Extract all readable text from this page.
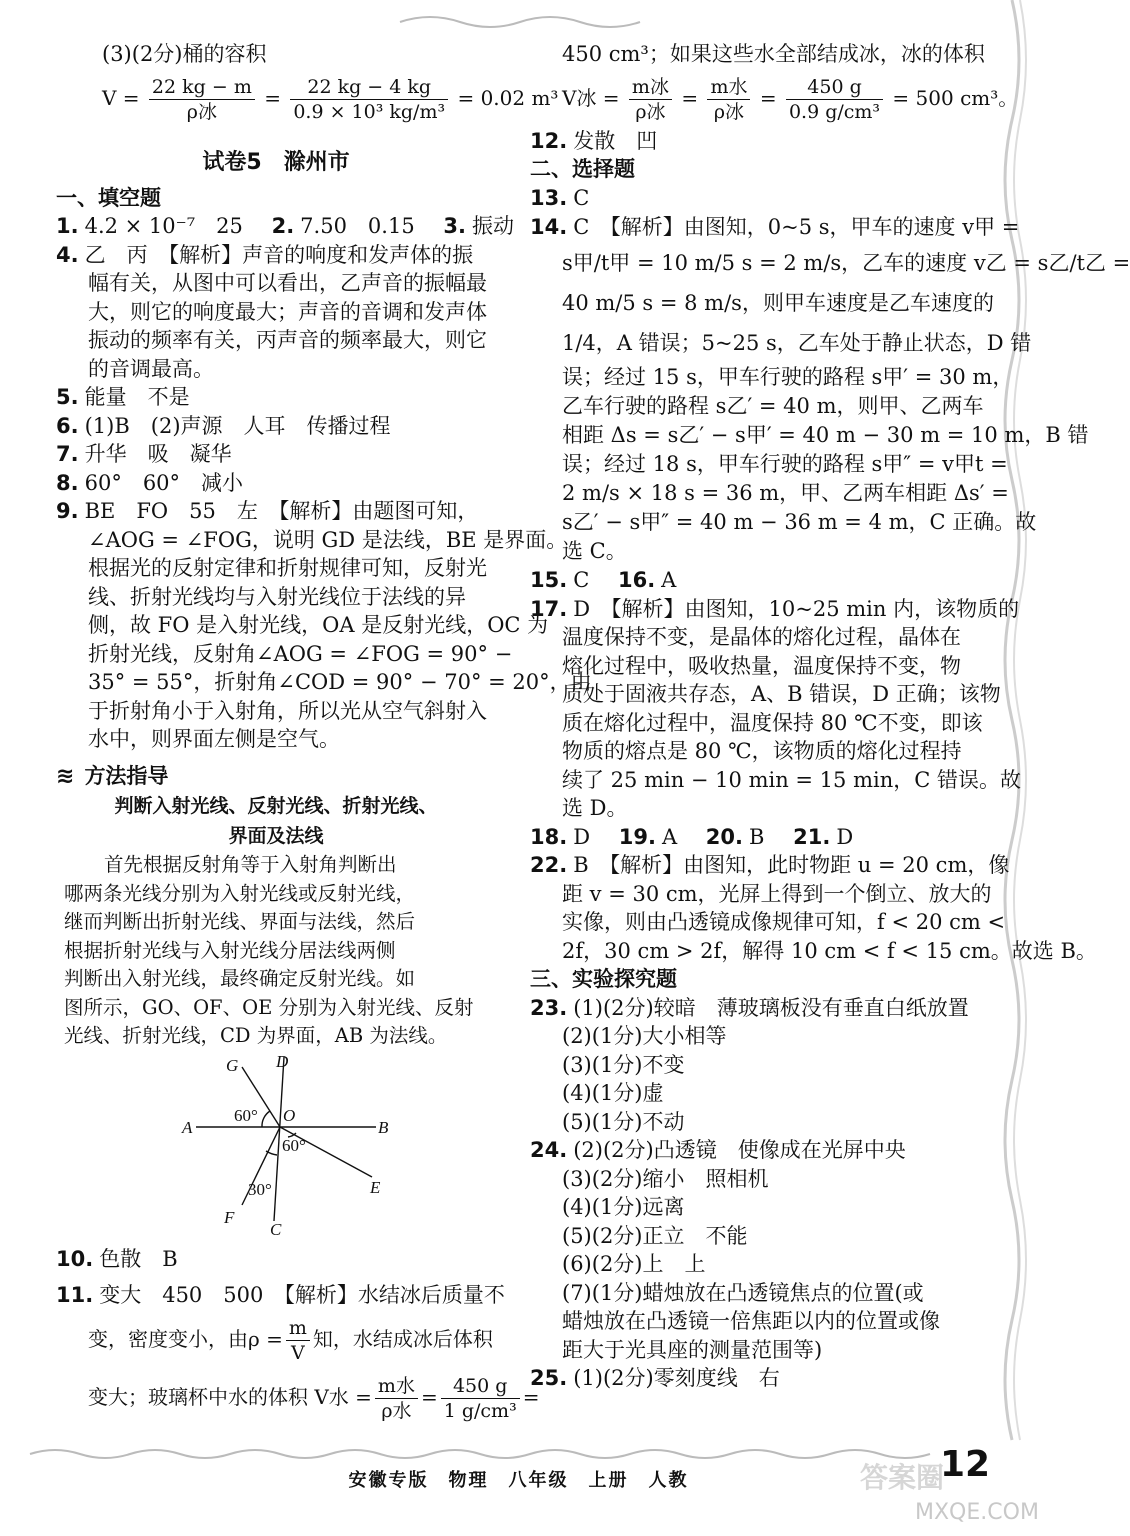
(3)(2分)桶的容积
$V = \frac{22 kg - m}{\text{ρ冰}} = \frac{22 kg - 4 kg}{\text{0.9 × 10³ kg/m³}} = 0.02$ m³
试卷5　滁州市
一、填空题
1. 4.2 × 10⁻⁷　25 2. 7.50　0.15 3. 振动
4. 乙　丙　【解析】声音的响度和发声体的振
幅有关，从图中可以看出，乙声音的振幅最
大，则它的响度最大；声音的音调和发声体
振动的频率有关，丙声音的频率最大，则它
的音调最高。
5. 能量　不是
6. (1)B　(2)声源　人耳　传播过程
7. 升华　吸　凝华
8. 60°　60°　减小
9. BE　FO　55　左　【解析】由题图可知，
∠AOG = ∠FOG，说明 GD 是法线，BE 是界面。
根据光的反射定律和折射规律可知，反射光
线、折射光线均与入射光线位于法线的异
侧，故 FO 是入射光线，OA 是反射光线，OC 为
折射光线，反射角∠AOG = ∠FOG = 90° −
35° = 55°，折射角∠COD = 90° − 70° = 20°，由
于折射角小于入射角，所以光从空气斜射入
水中，则界面左侧是空气。
≋ 方法指导
判断入射光线、反射光线、折射光线、
界面及法线
首先根据反射角等于入射角判断出
哪两条光线分别为入射光线或反射光线，
继而判断出折射光线、界面与法线，然后
根据折射光线与入射光线分居法线两侧
判断出入射光线，最终确定反射光线。如
图所示，GO、OF、OE 分别为入射光线、反射
光线、折射光线，CD 为界面，AB 为法线。
G D
A	B
O
E
F
C
60°
60°
30°
10. 色散　B
11. 变大　450　500　【解析】水结冰后质量不
变，密度变小，由$\rho = \frac{m}{V}$ 知，水结成冰后体积
变大；玻璃杯中水的体积 V水 = $\frac{\text{m水}}{\text{ρ水}} = \frac{450 g}{\text{1 g/cm³}}$ =
450 cm³；如果这些水全部结成冰，冰的体积
V冰 = $\frac{\text{m冰}}{\text{ρ冰}} = \frac{\text{m水}}{\text{ρ冰}} = \frac{450 g}{\text{0.9 g/cm³}} = 500$ cm³。
12. 发散　凹
二、选择题
13. C
14. C　【解析】由图知，0~5 s，甲车的速度 v甲 =
s甲/t甲 = 10 m/5 s = 2 m/s，乙车的速度 v乙 = s乙/t乙 =
40 m/5 s = 8 m/s，则甲车速度是乙车速度的
1/4，A 错误；5~25 s，乙车处于静止状态，D 错
误；经过 15 s，甲车行驶的路程 s甲′ = 30 m，
乙车行驶的路程 s乙′ = 40 m，则甲、乙两车
相距 Δs = s乙′ − s甲′ = 40 m − 30 m = 10 m，B 错
误；经过 18 s，甲车行驶的路程 s甲″ = v甲t =
2 m/s × 18 s = 36 m，甲、乙两车相距 Δs′ =
s乙′ − s甲″ = 40 m − 36 m = 4 m，C 正确。故
选 C。
15. C 16. A
17. D　【解析】由图知，10~25 min 内，该物质的
温度保持不变，是晶体的熔化过程，晶体在
熔化过程中，吸收热量，温度保持不变，物
质处于固液共存态，A、B 错误，D 正确；该物
质在熔化过程中，温度保持 80 ℃不变，即该
物质的熔点是 80 ℃，该物质的熔化过程持
续了 25 min − 10 min = 15 min，C 错误。故
选 D。
18. D 19. A 20. B 21. D
22. B　【解析】由图知，此时物距 u = 20 cm，像
距 v = 30 cm，光屏上得到一个倒立、放大的
实像，则由凸透镜成像规律可知，f < 20 cm <
2f，30 cm > 2f，解得 10 cm < f < 15 cm。故选 B。
三、实验探究题
23. (1)(2分)较暗　薄玻璃板没有垂直白纸放置
(2)(1分)大小相等
(3)(1分)不变
(4)(1分)虚
(5)(1分)不动
24. (2)(2分)凸透镜　使像成在光屏中央
(3)(2分)缩小　照相机
(4)(1分)远离
(5)(2分)正立　不能
(6)(2分)上　上
(7)(1分)蜡烛放在凸透镜焦点的位置(或
蜡烛放在凸透镜一倍焦距以内的位置或像
距大于光具座的测量范围等)
25. (1)(2分)零刻度线　右
安徽专版　物理　八年级　上册　人教	12
答案圈
MXQE.COM
